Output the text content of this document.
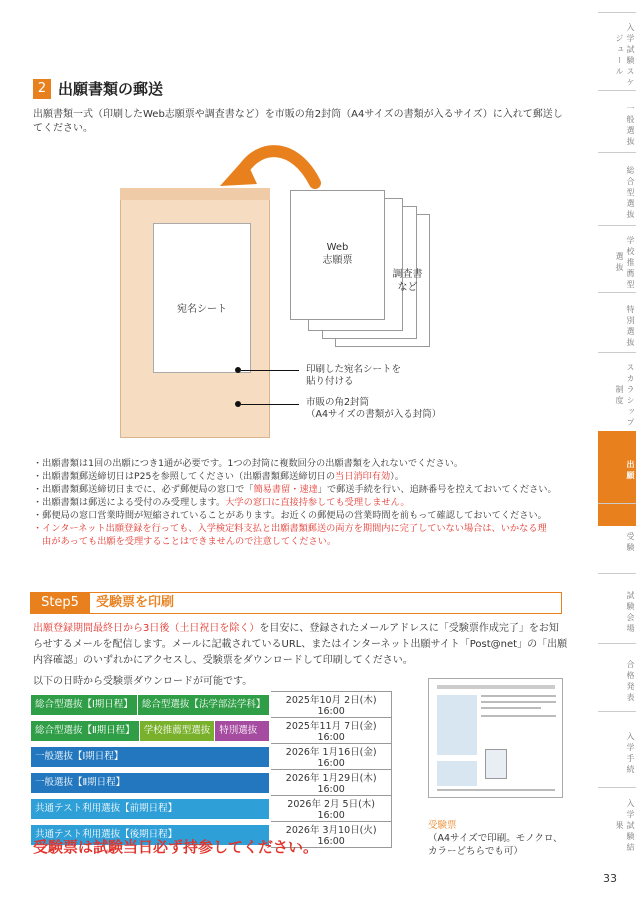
2 出願書類の郵送
出願書類一式（印刷したWeb志願票や調査書など）を市販の角2封筒（A4サイズの書類が入るサイズ）に入れて郵送してください。
宛名シート
Web
志願票
調査書
など
印刷した宛名シートを
貼り付ける
市販の角2封筒
（A4サイズの書類が入る封筒）
・出願書類は1回の出願につき1通が必要です。1つの封筒に複数回分の出願書類を入れないでください。
・出願書類郵送締切日はP25を参照してください（出願書類郵送締切日の当日消印有効）。
・出願書類郵送締切日までに、必ず郵便局の窓口で「簡易書留・速達」で郵送手続を行い、追跡番号を控えておいてください。
・出願書類は郵送による受付のみ受理します。大学の窓口に直接持参しても受理しません。
・郵便局の窓口営業時間が短縮されていることがあります。お近くの郵便局の営業時間を前もって確認しておいてください。
・インターネット出願登録を行っても、入学検定料支払と出願書類郵送の両方を期間内に完了していない場合は、いかなる理
　由があっても出願を受理することはできませんので注意してください。
Step5	受験票を印刷
出願登録期間最終日から3日後（土日祝日を除く）を目安に、登録されたメールアドレスに「受験票作成完了」をお知らせするメールを配信します。メールに記載されているURL、またはインターネット出願サイト「Post@net」の「出願内容確認」のいずれかにアクセスし、受験票をダウンロードして印刷してください。
以下の日時から受験票ダウンロードが可能です。
総合型選抜【Ⅰ期日程】 総合型選抜【法学部法学科】	2025年10月 2日(木) 16:00

総合型選抜【Ⅱ期日程】 学校推薦型選抜 特別選抜	2025年11月 7日(金) 16:00

一般選抜【Ⅰ期日程】	2026年 1月16日(金) 16:00

一般選抜【Ⅱ期日程】	2026年 1月29日(木) 16:00

共通テスト利用選抜【前期日程】	2026年 2月 5日(木) 16:00

共通テスト利用選抜【後期日程】	2026年 3月10日(火) 16:00
受験票
（A4サイズで印刷。モノクロ、
カラーどちらでも可）
受験票は試験当日必ず持参してください。
入学試験スケジュール
一般選抜
総合型選抜
学校推薦型選抜
特別選抜
スカラシップ制度
出願
受験
試験会場
合格発表
入学手続
入学試験結果
33
